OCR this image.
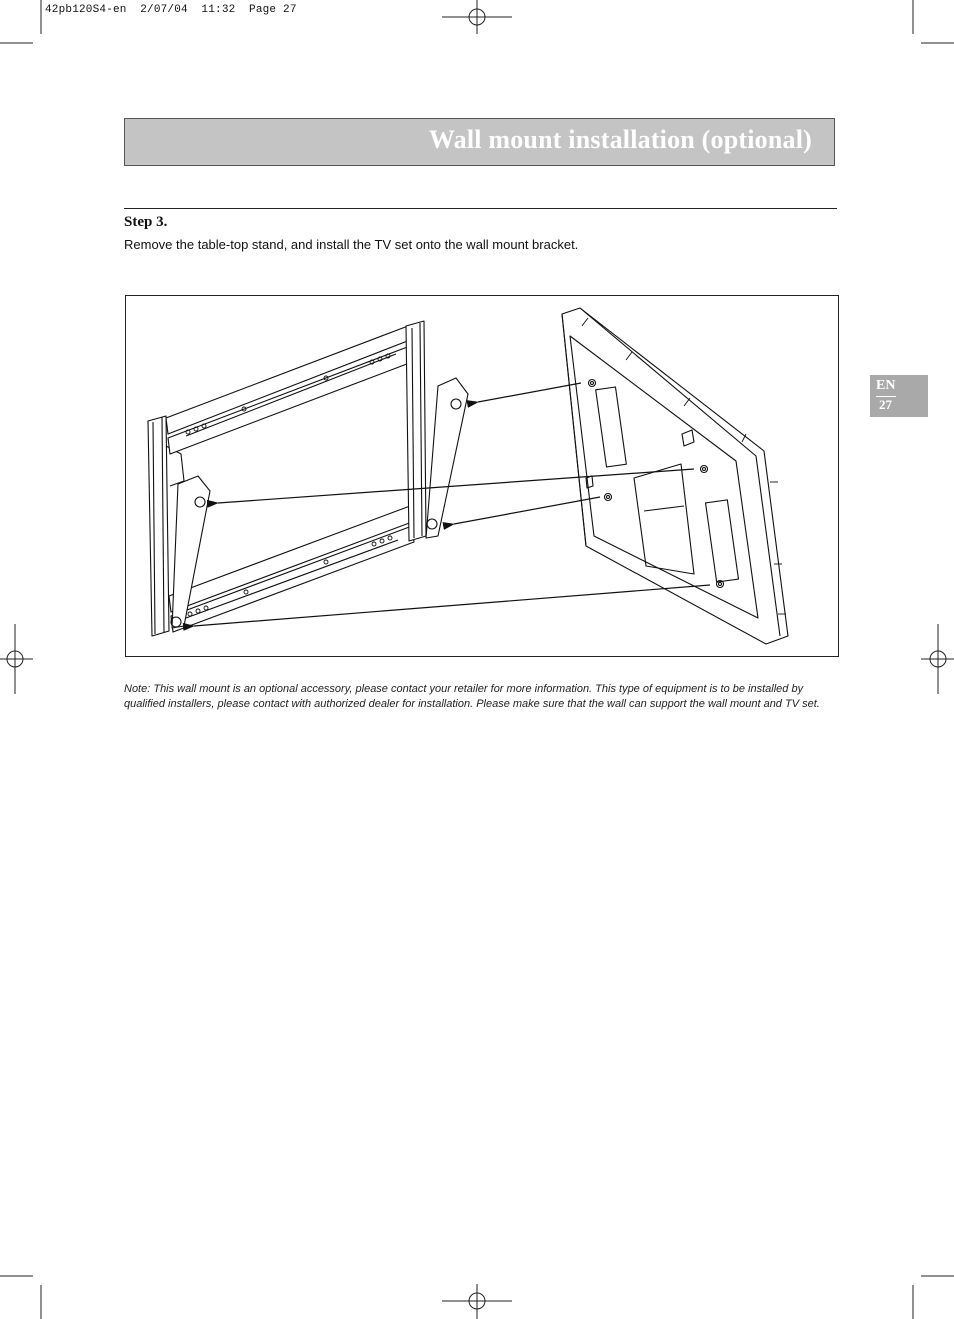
42pb120S4-en  2/07/04  11:32  Page 27
Wall mount installation (optional)
Step 3.
Remove the table-top stand, and install the TV set onto the wall mount bracket.
EN
27

Note: This wall mount is an optional accessory, please contact your retailer for more information. This type of equipment is to be installed by qualified installers, please contact with authorized dealer for installation. Please make sure that the wall can support the wall mount and TV set.
